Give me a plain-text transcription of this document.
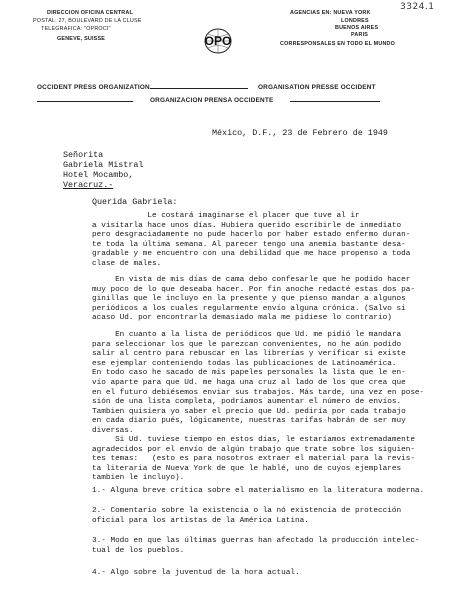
3324.1
DIRECCION OFICINA CENTRAL
POSTAL: 27, BOULEVARD DE LA CLUSE
TELEGRAFICA: "OPROCI"
GENEVE, SUISSE	OPO
AGENCIAS EN: NUEVA YORK
LONDRES
BUENOS AIRES
PARIS
CORRESPONSALES EN TODO EL MUNDO
OCCIDENT PRESS ORGANIZATION	ORGANISATION PRESSE OCCIDENT
ORGANIZACION PRENSA OCCIDENTE
México, D.F., 23 de Febrero de 1949
Señorita
Gabriela Mistral
Hotel Mocambo,
Veracruz.-
Querida Gabriela:
Le costará imaginarse el placer que tuve al ir
a visitarla hace unos días. Hubiera querido escribirle de inmediato
pero desgraciadamente no pude hacerlo por haber estado enfermo duran-
te toda la última semana. Al parecer tengo una anemia bastante desa-
gradable y me encuentro con una debilidad que me hace propenso a toda
clase de males.
En vista de mis días de cama debo confesarle que he podido hacer
muy poco de lo que deseaba hacer. Por fin anoche redacté estas dos pa-
ginillas que le incluyo en la presente y que pienso mandar a algunos
periódicos a los cuales regularmente envío alguna crónica. (Salvo si
acaso Ud. por encontrarla demasiado mala me pidiese lo contrario)
En cuanto a la lista de periódicos que Ud. me pidió le mandara
para seleccionar los que le parezcan convenientes, no he aún podido
salir al centro para rebuscar en las librerías y verificar si existe
ese ejemplar conteniendo todas las publicaciones de Latinoamérica.
En todo caso he sacado de mis papeles personales la lista que le en-
vío aparte para que Ud. me haga una cruz al lado de los que crea que
en el futuro debiésemos enviar sus trabajos. Más tarde, una vez en pose-
sión de una lista completa, podríamos aumentar el número de envíos.
Tambien quisiera yo saber el precio que Ud. pediría por cada trabajo
en cada diario pués, lógicamente, nuestras tarifas habrán de ser muy
diversas.
Si Ud. tuviese tiempo en estos días, le estaríamos extremadamente
agradecidos por el envío de algún trabajo que trate sobre los siguien-
tes temas:   (esto es para nosotros extraer el material para la revis-
ta literaria de Nueva York de que le hablé, uno de cuyos ejemplares
tambien le incluyo).
1.- Alguna breve crítica sobre el materialismo en la literatura moderna.
2.- Comentario sobre la existencia o la nó existencia de protección
oficial para los artistas de la América Latina.
3.- Modo en que las últimas guerras han afectado la producción intelec-
tual de los pueblos.
4.- Algo sobre la juventud de la hora actual.
